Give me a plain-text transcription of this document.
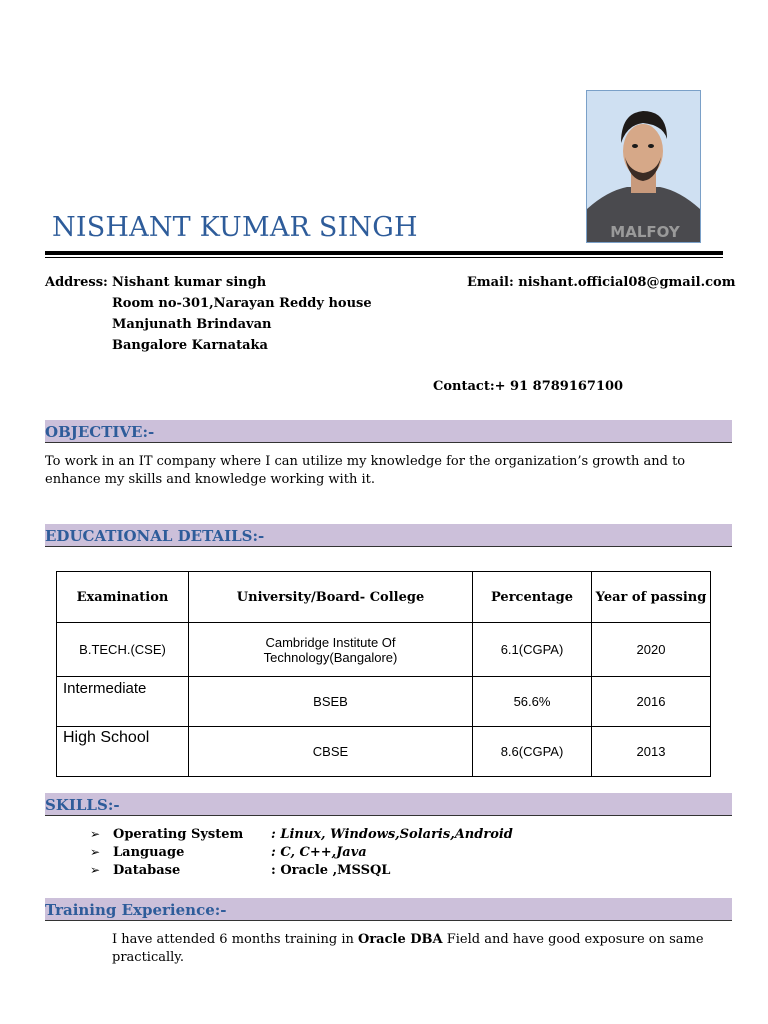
NISHANT KUMAR SINGH	MALFOY
Address: Nishant kumar singh
Room no-301,Narayan Reddy house
Manjunath Brindavan
Bangalore Karnataka
Email: nishant.official08@gmail.com
Contact:+ 91 8789167100
OBJECTIVE:-
To work in an IT company where I can utilize my knowledge for the organization’s growth and to
enhance my skills and knowledge working with it.
EDUCATIONAL DETAILS:-
Examination	University/Board- College	Percentage	Year of passing
B.TECH.(CSE)	Cambridge Institute Of
Technology(Bangalore)	6.1(CGPA)	2020
Intermediate	BSEB	56.6%	2016
High School	CBSE	8.6(CGPA)	2013
SKILLS:-
➢ Operating System : Linux, Windows,Solaris,Android
➢ Language	: C, C++,Java
➢ Database	: Oracle ,MSSQL
Training Experience:-
I have attended 6 months training in Oracle DBA Field and have good exposure on same
practically.
